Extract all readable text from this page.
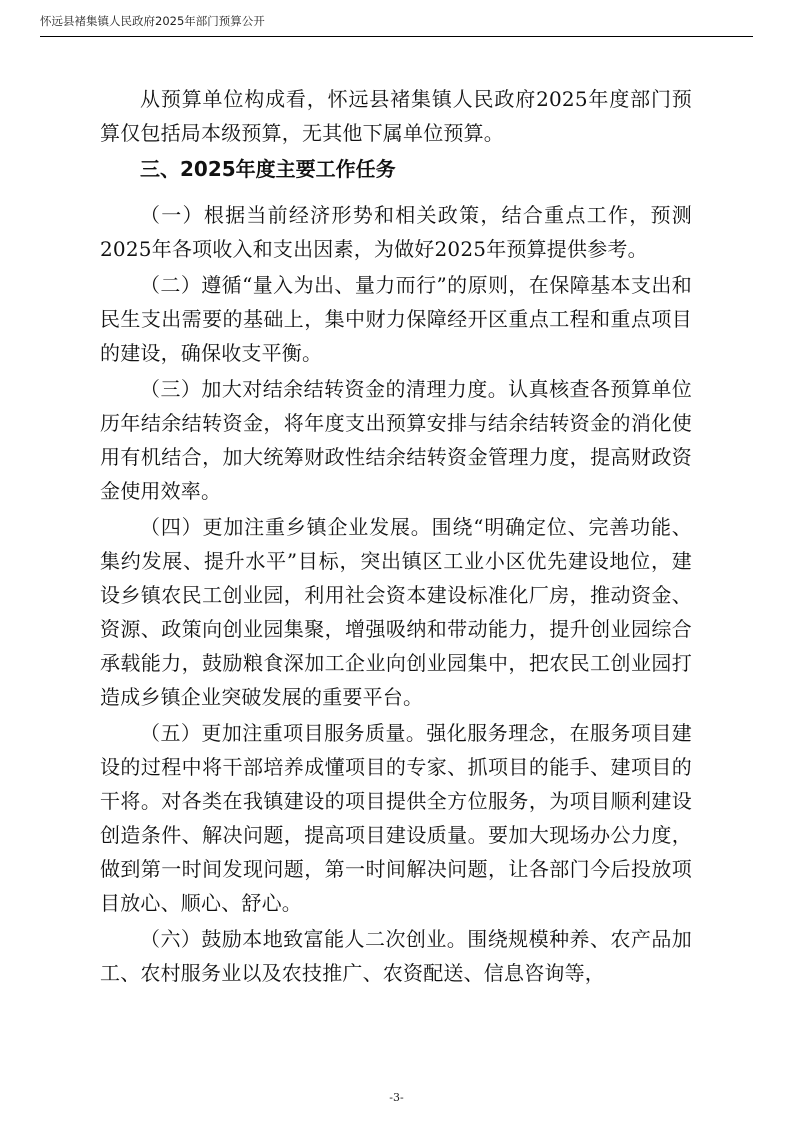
怀远县褚集镇人民政府2025年部门预算公开

从预算单位构成看，怀远县褚集镇人民政府2025年度部门预算仅包括局本级预算，无其他下属单位预算。

三、2025年度主要工作任务

（一）根据当前经济形势和相关政策，结合重点工作，预测2025年各项收入和支出因素，为做好2025年预算提供参考。

（二）遵循“量入为出、量力而行”的原则，在保障基本支出和民生支出需要的基础上，集中财力保障经开区重点工程和重点项目的建设，确保收支平衡。

（三）加大对结余结转资金的清理力度。认真核查各预算单位历年结余结转资金，将年度支出预算安排与结余结转资金的消化使用有机结合，加大统筹财政性结余结转资金管理力度，提高财政资金使用效率。

（四）更加注重乡镇企业发展。围绕“明确定位、完善功能、集约发展、提升水平”目标，突出镇区工业小区优先建设地位，建设乡镇农民工创业园，利用社会资本建设标准化厂房，推动资金、资源、政策向创业园集聚，增强吸纳和带动能力，提升创业园综合承载能力，鼓励粮食深加工企业向创业园集中，把农民工创业园打造成乡镇企业突破发展的重要平台。

（五）更加注重项目服务质量。强化服务理念，在服务项目建设的过程中将干部培养成懂项目的专家、抓项目的能手、建项目的干将。对各类在我镇建设的项目提供全方位服务，为项目顺利建设创造条件、解决问题，提高项目建设质量。要加大现场办公力度，做到第一时间发现问题，第一时间解决问题，让各部门今后投放项目放心、顺心、舒心。

（六）鼓励本地致富能人二次创业。围绕规模种养、农产品加工、农村服务业以及农技推广、农资配送、信息咨询等，

-3-
